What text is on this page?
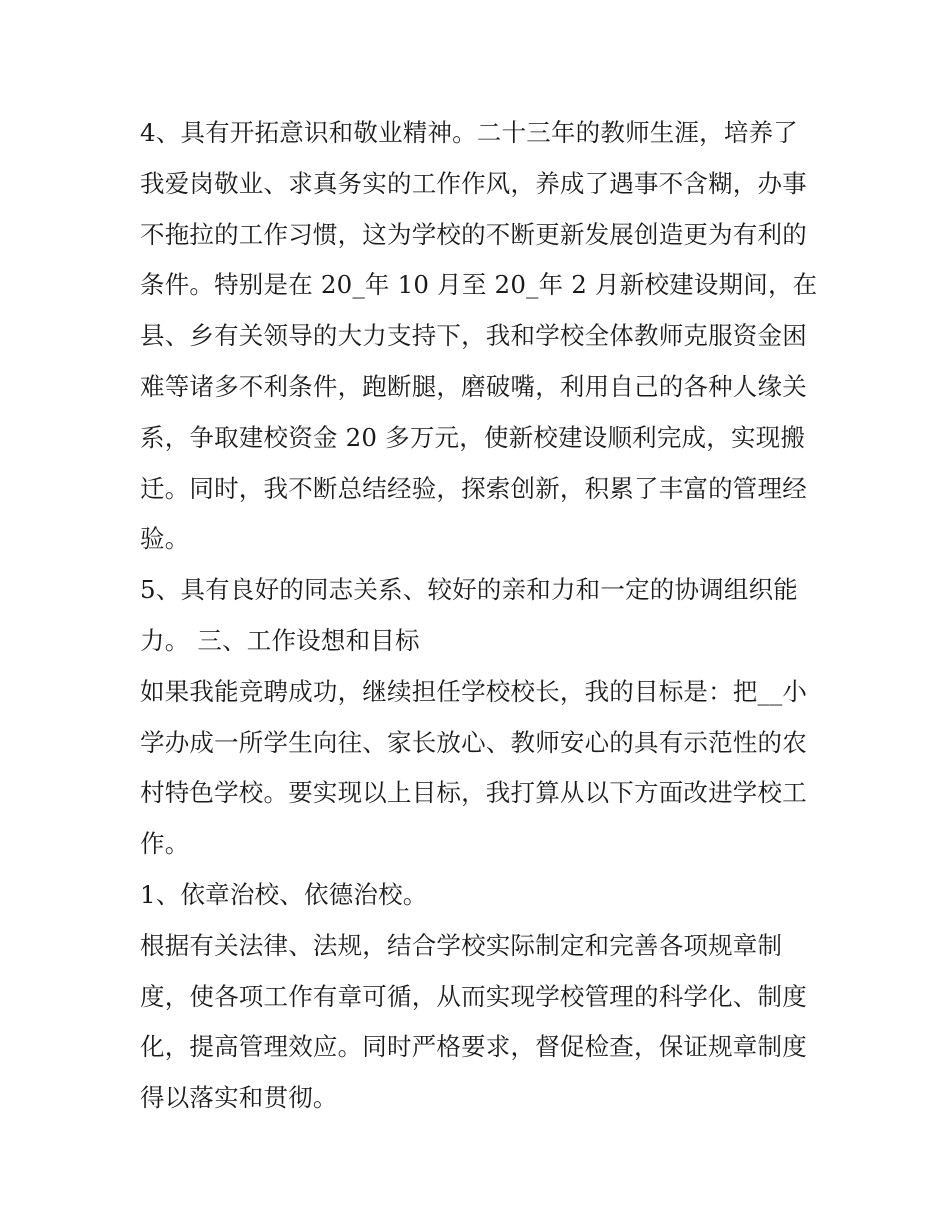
4、具有开拓意识和敬业精神。二十三年的教师生涯，培养了
我爱岗敬业、求真务实的工作作风，养成了遇事不含糊，办事
不拖拉的工作习惯，这为学校的不断更新发展创造更为有利的
条件。特别是在 20_年 10 月至 20_年 2 月新校建设期间，在
县、乡有关领导的大力支持下，我和学校全体教师克服资金困
难等诸多不利条件，跑断腿，磨破嘴，利用自己的各种人缘关
系，争取建校资金 20 多万元，使新校建设顺利完成，实现搬
迁。同时，我不断总结经验，探索创新，积累了丰富的管理经
验。
5、具有良好的同志关系、较好的亲和力和一定的协调组织能
力。 三、工作设想和目标
如果我能竞聘成功，继续担任学校校长，我的目标是：把__小
学办成一所学生向往、家长放心、教师安心的具有示范性的农
村特色学校。要实现以上目标，我打算从以下方面改进学校工
作。
1、依章治校、依德治校。
根据有关法律、法规，结合学校实际制定和完善各项规章制
度，使各项工作有章可循，从而实现学校管理的科学化、制度
化，提高管理效应。同时严格要求，督促检查，保证规章制度
得以落实和贯彻。
